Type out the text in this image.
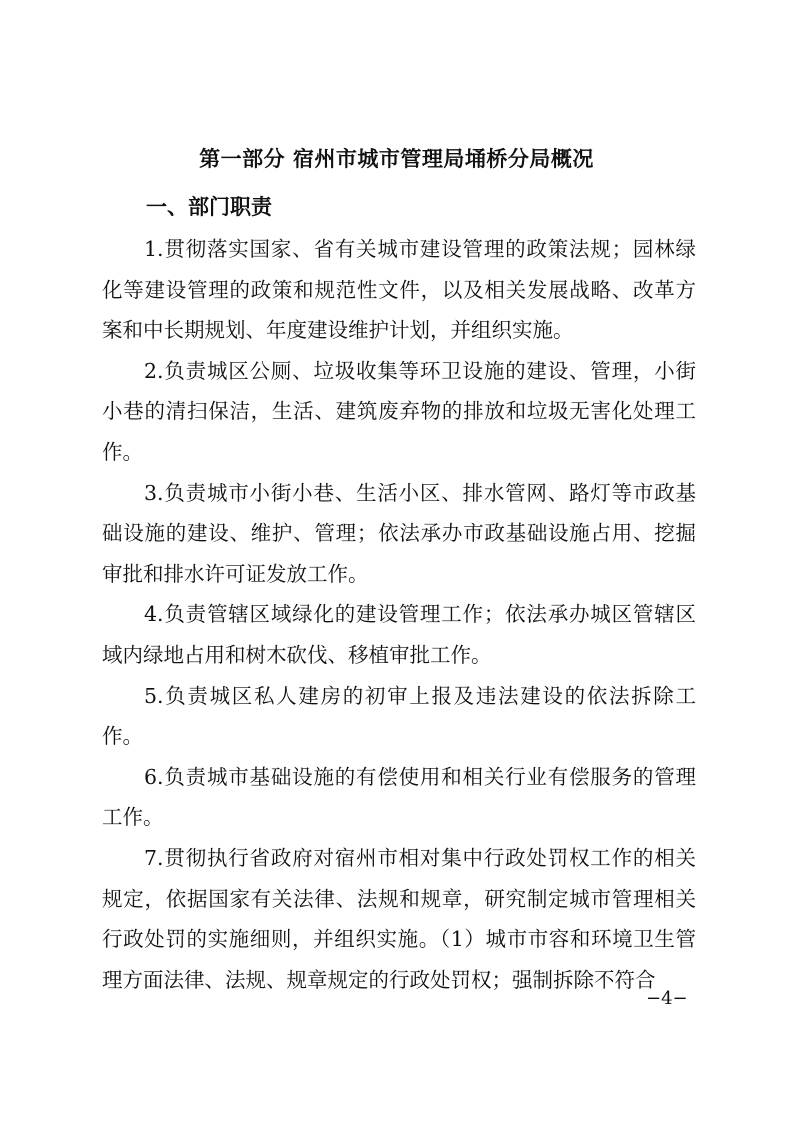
第一部分 宿州市城市管理局埇桥分局概况
一、部门职责

1.贯彻落实国家、省有关城市建设管理的政策法规；园林绿化等建设管理的政策和规范性文件，以及相关发展战略、改革方案和中长期规划、年度建设维护计划，并组织实施。

2.负责城区公厕、垃圾收集等环卫设施的建设、管理，小街小巷的清扫保洁，生活、建筑废弃物的排放和垃圾无害化处理工作。

3.负责城市小街小巷、生活小区、排水管网、路灯等市政基础设施的建设、维护、管理；依法承办市政基础设施占用、挖掘审批和排水许可证发放工作。

4.负责管辖区域绿化的建设管理工作；依法承办城区管辖区域内绿地占用和树木砍伐、移植审批工作。

5.负责城区私人建房的初审上报及违法建设的依法拆除工作。

6.负责城市基础设施的有偿使用和相关行业有偿服务的管理工作。

7.贯彻执行省政府对宿州市相对集中行政处罚权工作的相关规定，依据国家有关法律、法规和规章，研究制定城市管理相关行政处罚的实施细则，并组织实施。（1）城市市容和环境卫生管理方面法律、法规、规章规定的行政处罚权；强制拆除不符合

−4−
